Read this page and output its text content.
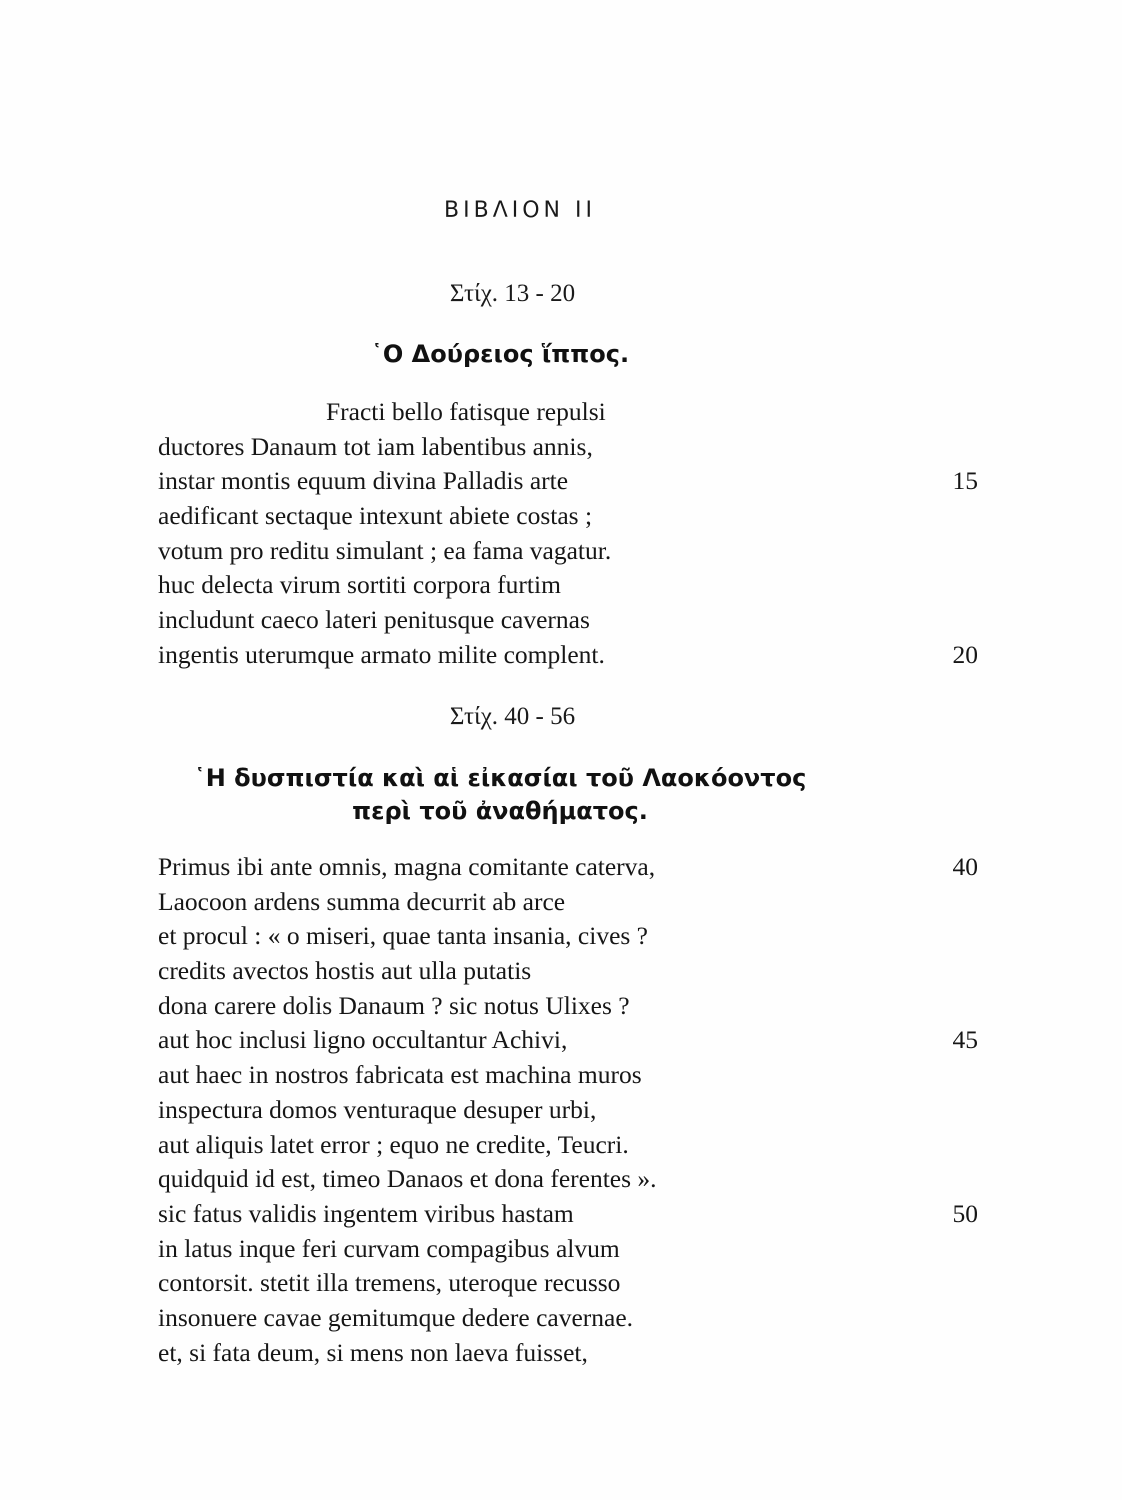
ΒΙΒΛΙΟΝ ΙΙ
Στίχ. 13 - 20
῾Ο Δούρειος ἵππος.
Fracti bello fatisque repulsi
ductores Danaum tot iam labentibus annis,
instar montis equum divina Palladis arte	15
aedificant sectaque intexunt abiete costas ;
votum pro reditu simulant ; ea fama vagatur.
huc delecta virum sortiti corpora furtim
includunt caeco lateri penitusque cavernas
ingentis uterumque armato milite complent.	20
Στίχ. 40 - 56
῾Η δυσπιστία καὶ αἱ εἰκασίαι τοῦ Λαοκόοντος
περὶ τοῦ ἀναθήματος.
Primus ibi ante omnis, magna comitante caterva,	40
Laocoon ardens summa decurrit ab arce
et procul : « o miseri, quae tanta insania, cives ?
credits avectos hostis aut ulla putatis
dona carere dolis Danaum ? sic notus Ulixes ?
aut hoc inclusi ligno occultantur Achivi,	45
aut haec in nostros fabricata est machina muros
inspectura domos venturaque desuper urbi,
aut aliquis latet error ; equo ne credite, Teucri.
quidquid id est, timeo Danaos et dona ferentes ».
sic fatus validis ingentem viribus hastam	50
in latus inque feri curvam compagibus alvum
contorsit. stetit illa tremens, uteroque recusso
insonuere cavae gemitumque dedere cavernae.
et, si fata deum, si mens non laeva fuisset,
